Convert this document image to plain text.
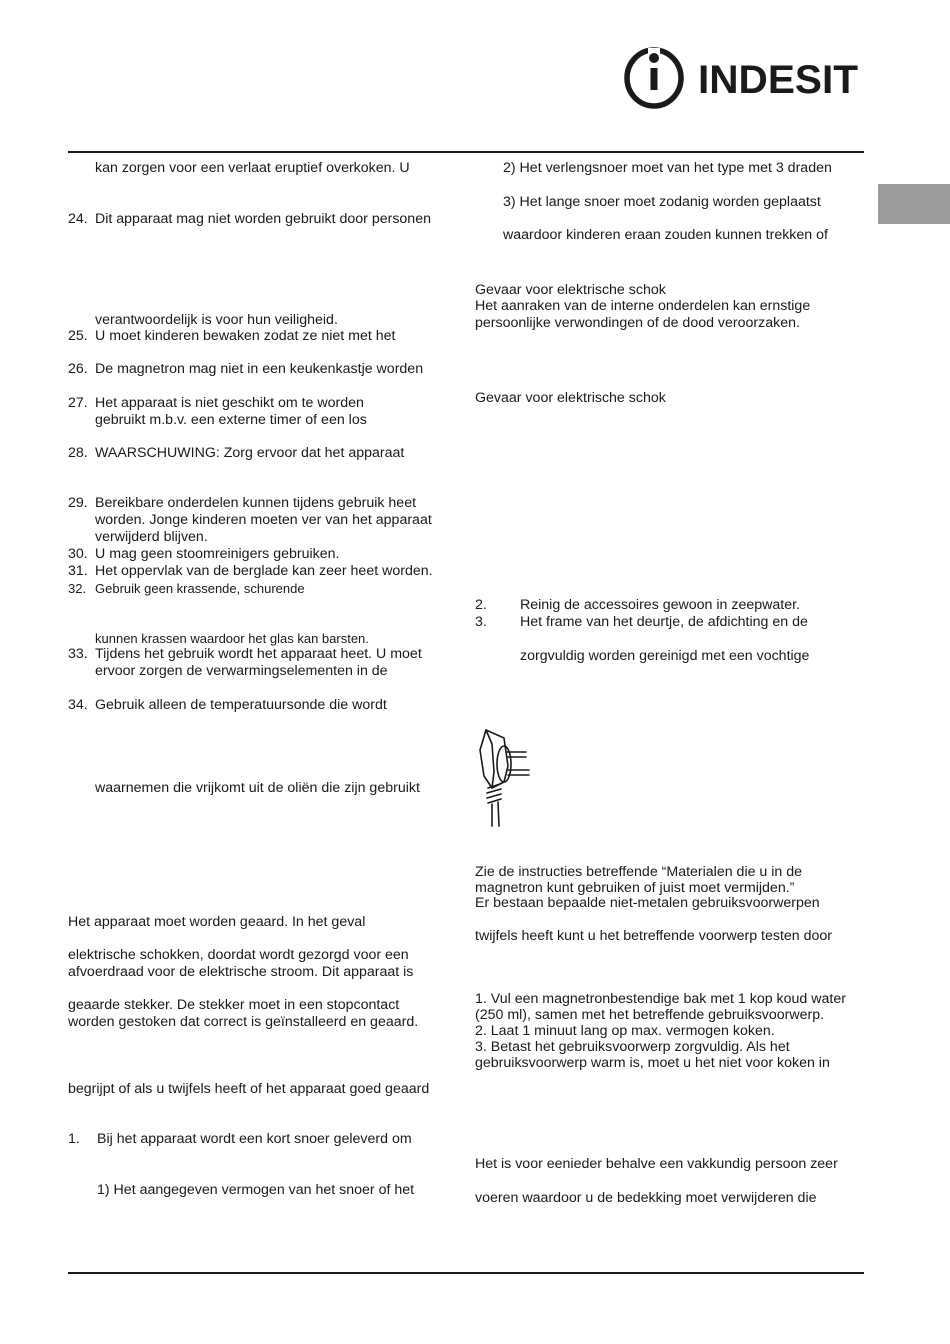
INDESIT
kan zorgen voor een verlaat eruptief overkoken. U
24. Dit apparaat mag niet worden gebruikt door personen
verantwoordelijk is voor hun veiligheid.
25. U moet kinderen bewaken zodat ze niet met het
26. De magnetron mag niet in een keukenkastje worden
27. Het apparaat is niet geschikt om te worden
gebruikt m.b.v. een externe timer of een los
28. WAARSCHUWING: Zorg ervoor dat het apparaat
29. Bereikbare onderdelen kunnen tijdens gebruik heet
worden. Jonge kinderen moeten ver van het apparaat
verwijderd blijven.
30. U mag geen stoomreinigers gebruiken.
31. Het oppervlak van de berglade kan zeer heet worden.
32. Gebruik geen krassende, schurende
kunnen krassen waardoor het glas kan barsten.
33. Tijdens het gebruik wordt het apparaat heet. U moet
ervoor zorgen de verwarmingselementen in de
34. Gebruik alleen de temperatuursonde die wordt
waarnemen die vrijkomt uit de oliën die zijn gebruikt
Het apparaat moet worden geaard. In het geval
elektrische schokken, doordat wordt gezorgd voor een
afvoerdraad voor de elektrische stroom. Dit apparaat is
geaarde stekker. De stekker moet in een stopcontact
worden gestoken dat correct is geïnstalleerd en geaard.
begrijpt of als u twijfels heeft of het apparaat goed geaard
1. Bij het apparaat wordt een kort snoer geleverd om
1) Het aangegeven vermogen van het snoer of het
2) Het verlengsnoer moet van het type met 3 draden
3) Het lange snoer moet zodanig worden geplaatst
waardoor kinderen eraan zouden kunnen trekken of
Gevaar voor elektrische schok
Het aanraken van de interne onderdelen kan ernstige
persoonlijke verwondingen of de dood veroorzaken.
Gevaar voor elektrische schok
2. Reinig de accessoires gewoon in zeepwater.
3. Het frame van het deurtje, de afdichting en de
zorgvuldig worden gereinigd met een vochtige
Zie de instructies betreffende “Materialen die u in de
magnetron kunt gebruiken of juist moet vermijden.”
Er bestaan bepaalde niet-metalen gebruiksvoorwerpen
twijfels heeft kunt u het betreffende voorwerp testen door
1. Vul een magnetronbestendige bak met 1 kop koud water
(250 ml), samen met het betreffende gebruiksvoorwerp.
2. Laat 1 minuut lang op max. vermogen koken.
3. Betast het gebruiksvoorwerp zorgvuldig. Als het
gebruiksvoorwerp warm is, moet u het niet voor koken in
Het is voor eenieder behalve een vakkundig persoon zeer
voeren waardoor u de bedekking moet verwijderen die
